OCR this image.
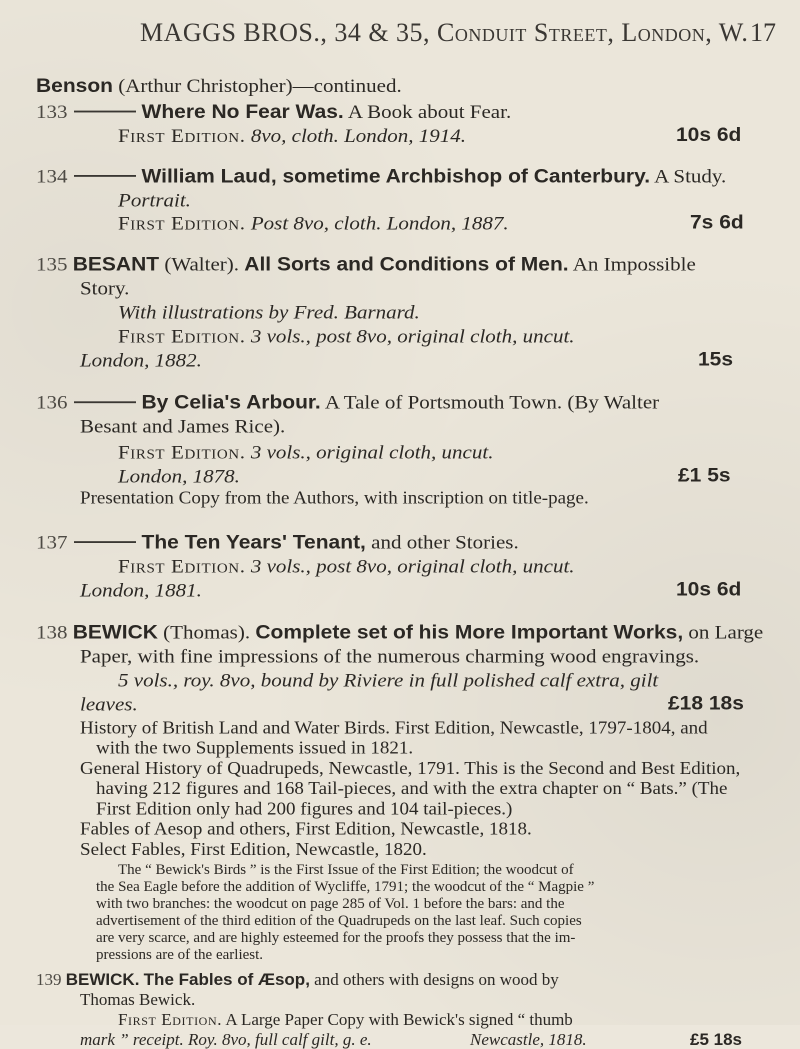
MAGGS BROS., 34 & 35, Conduit Street, London, W. 17
Benson (Arthur Christopher)—continued.
133	Where No Fear Was. A Book about Fear.
First Edition. 8vo, cloth. London, 1914.	10s 6d
134	William Laud, sometime Archbishop of Canterbury. A Study.
Portrait.
First Edition. Post 8vo, cloth. London, 1887.	7s 6d
135 BESANT (Walter). All Sorts and Conditions of Men. An Impossible
Story.
With illustrations by Fred. Barnard.
First Edition. 3 vols., post 8vo, original cloth, uncut.
London, 1882.	15s
136	By Celia's Arbour. A Tale of Portsmouth Town. (By Walter
Besant and James Rice).
First Edition. 3 vols., original cloth, uncut.
London, 1878.	£1 5s
Presentation Copy from the Authors, with inscription on title-page.
137	The Ten Years' Tenant, and other Stories.
First Edition. 3 vols., post 8vo, original cloth, uncut.
London, 1881.	10s 6d
138 BEWICK (Thomas). Complete set of his More Important Works, on Large
Paper, with fine impressions of the numerous charming wood engravings.
5 vols., roy. 8vo, bound by Riviere in full polished calf extra, gilt
leaves.	£18 18s
History of British Land and Water Birds. First Edition, Newcastle, 1797-1804, and
with the two Supplements issued in 1821.
General History of Quadrupeds, Newcastle, 1791. This is the Second and Best Edition,
having 212 figures and 168 Tail-pieces, and with the extra chapter on “ Bats.” (The
First Edition only had 200 figures and 104 tail-pieces.)
Fables of Aesop and others, First Edition, Newcastle, 1818.
Select Fables, First Edition, Newcastle, 1820.
The “ Bewick's Birds ” is the First Issue of the First Edition; the woodcut of
the Sea Eagle before the addition of Wycliffe, 1791; the woodcut of the “ Magpie ”
with two branches: the woodcut on page 285 of Vol. 1 before the bars: and the
advertisement of the third edition of the Quadrupeds on the last leaf. Such copies
are very scarce, and are highly esteemed for the proofs they possess that the im-
pressions are of the earliest.
139 BEWICK. The Fables of Æsop, and others with designs on wood by
Thomas Bewick.
First Edition. A Large Paper Copy with Bewick's signed “ thumb
mark ” receipt. Roy. 8vo, full calf gilt, g. e.	Newcastle, 1818.	£5 18s
